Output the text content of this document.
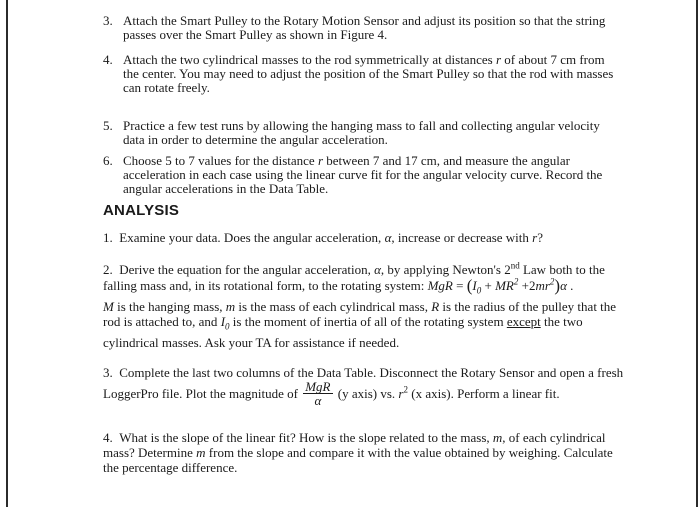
3. Attach the Smart Pulley to the Rotary Motion Sensor and adjust its position so that the string passes over the Smart Pulley as shown in Figure 4.
4. Attach the two cylindrical masses to the rod symmetrically at distances r of about 7 cm from the center. You may need to adjust the position of the Smart Pulley so that the rod with masses can rotate freely.
5. Practice a few test runs by allowing the hanging mass to fall and collecting angular velocity data in order to determine the angular acceleration.
6. Choose 5 to 7 values for the distance r between 7 and 17 cm, and measure the angular acceleration in each case using the linear curve fit for the angular velocity curve. Record the angular accelerations in the Data Table.
ANALYSIS
1. Examine your data. Does the angular acceleration, α, increase or decrease with r?
2. Derive the equation for the angular acceleration, α, by applying Newton's 2nd Law both to the falling mass and, in its rotational form, to the rotating system: MgR = $(I_0 + MR^2 +2mr^2)\alpha$ .
M is the hanging mass, m is the mass of each cylindrical mass, R is the radius of the pulley that the rod is attached to, and $I_0$ is the moment of inertia of all of the rotating system except the two cylindrical masses. Ask your TA for assistance if needed.
3. Complete the last two columns of the Data Table. Disconnect the Rotary Sensor and open a fresh LoggerPro file. Plot the magnitude of $\frac{\text{MgR}}{\alpha} (y$ axis) vs. $r^2$ (x axis). Perform a linear fit.
4. What is the slope of the linear fit? How is the slope related to the mass, m, of each cylindrical mass? Determine m from the slope and compare it with the value obtained by weighing. Calculate the percentage difference.
